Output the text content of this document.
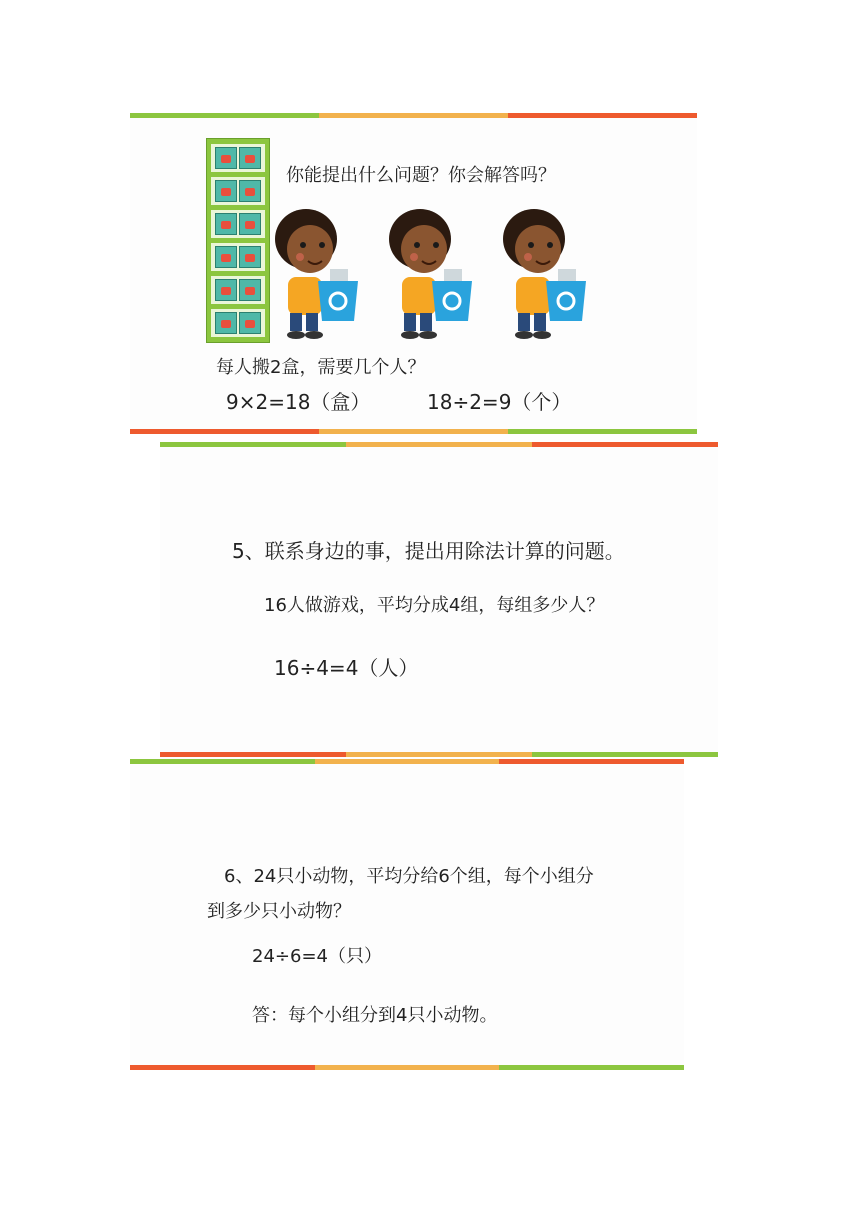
你能提出什么问题？你会解答吗？
每人搬2盒，需要几个人？
9×2=18（盒）	18÷2=9（个）
5、联系身边的事，提出用除法计算的问题。
16人做游戏，平均分成4组，每组多少人？
16÷4=4（人）
6、24只小动物，平均分给6个组，每个小组分
到多少只小动物？
24÷6=4（只）
答：每个小组分到4只小动物。
